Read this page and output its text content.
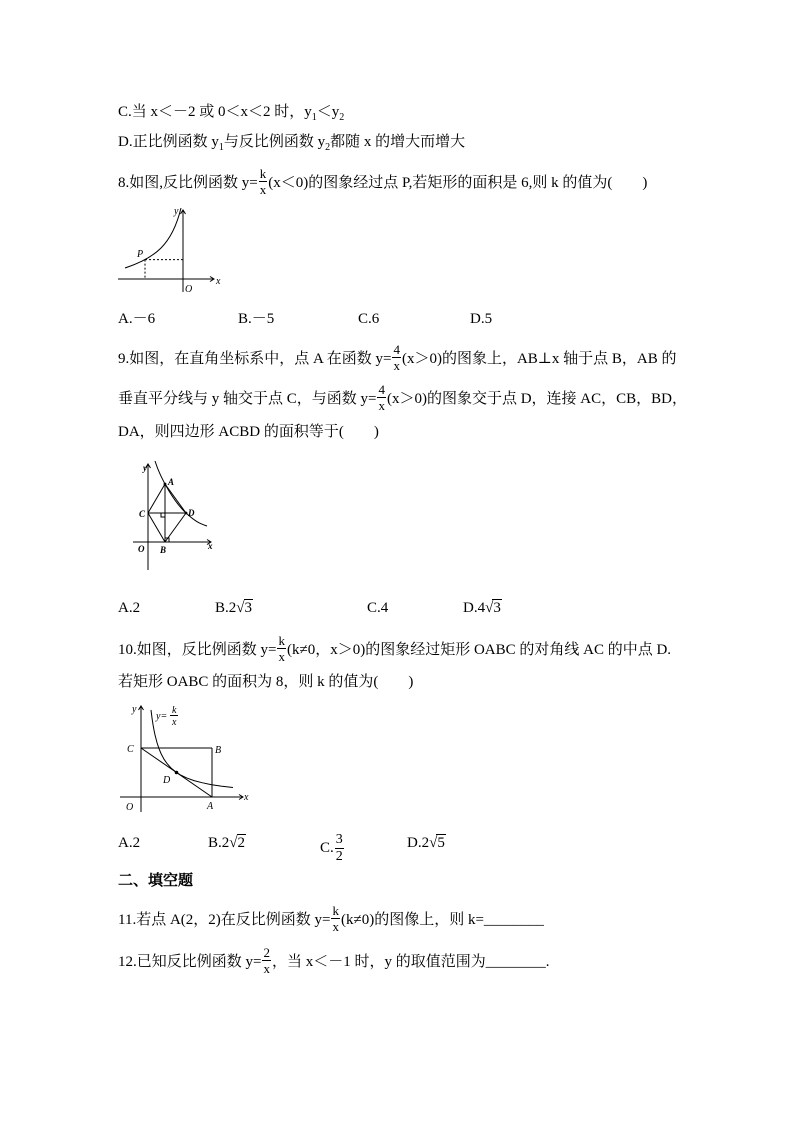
C.当 x＜－2 或 0＜x＜2 时，$y_1<y_2$
D.正比例函数 $y_1$与反比例函数 $y_2$都随 x 的增大而增大
8.如图,反比例函数 $y= \frac{k}{x} (x<0)$的图象经过点 P,若矩形的面积是 6,则 k 的值为(　　)
y
x
O
P
A.－6	B.－5	C.6	D.5
9.如图，在直角坐标系中，点 A 在函数 $y= \frac{4}{x} (x>0)$的图象上，AB⊥x 轴于点 B，AB 的
垂直平分线与 y 轴交于点 C，与函数 $y= \frac{4}{x} (x>0)$的图象交于点 D，连接 AC，CB，BD，
DA，则四边形 ACBD 的面积等于(　　)
y
A
C	D
O B	x
A.2	B.2√3	C.4	D.4√3
10.如图，反比例函数 $y= \frac{k}{x} (k\ne 0$，x＞0)的图象经过矩形 OABC 的对角线 AC 的中点 D.
若矩形 OABC 的面积为 8，则 k 的值为(　　)
y=
k
x
y
x
O
C	B
A
D
A.2	B.2√2	C. $\frac{3}{2}$	D.2√5
二、填空题
11.若点 A(2，2)在反比例函数 $y= \frac{k}{x} (k\ne 0)$的图像上，则 k=________
12.已知反比例函数 $y= \frac{2}{x}$ ，当 x＜－1 时，y 的取值范围为________.
